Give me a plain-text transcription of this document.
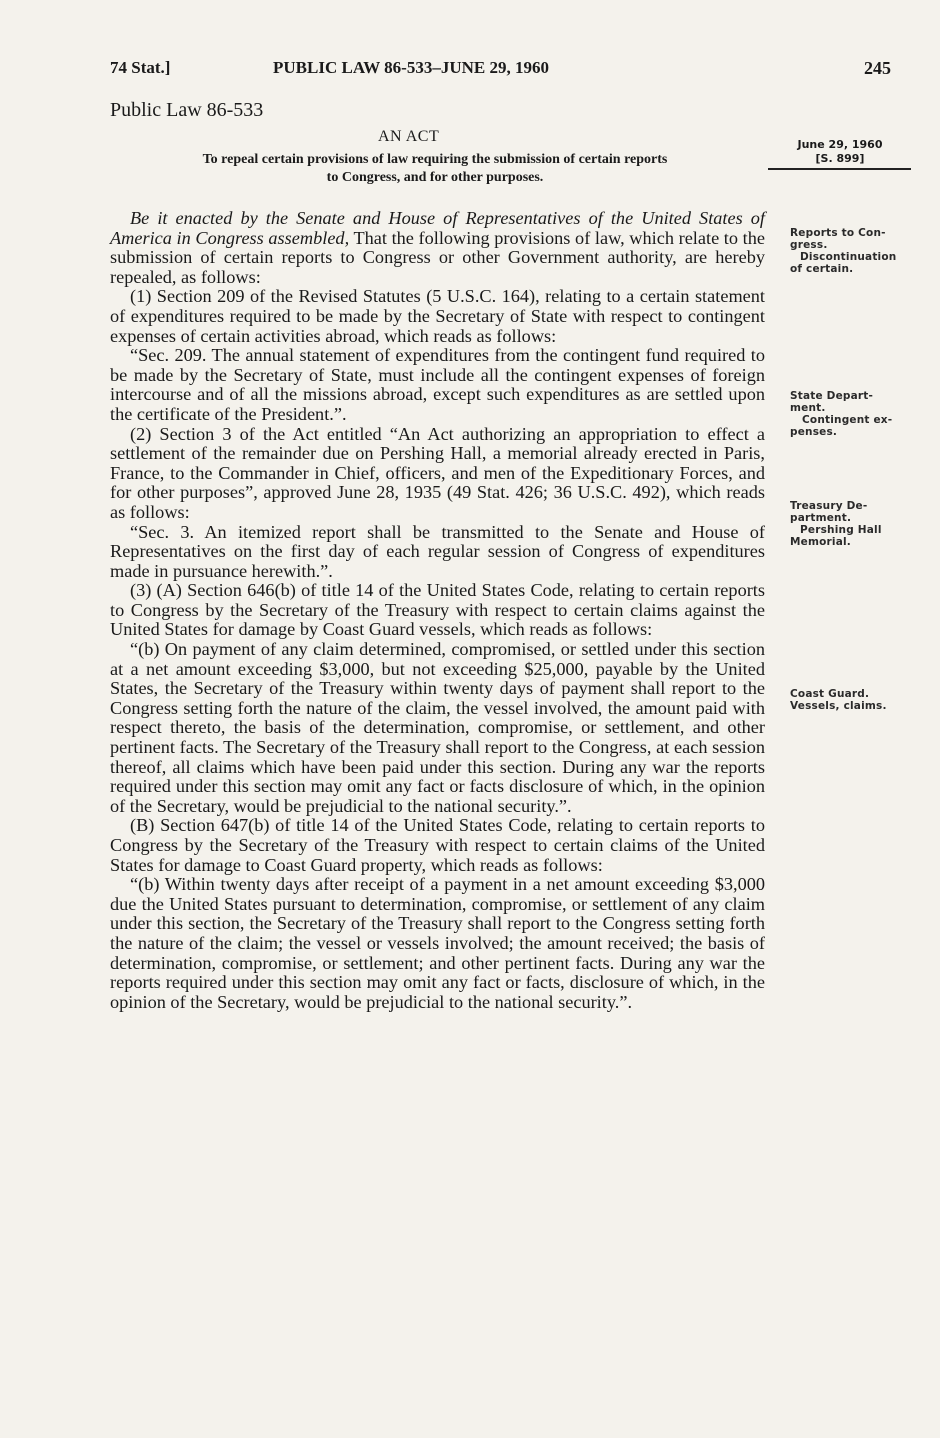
74 Stat.]	PUBLIC LAW 86-533–JUNE 29, 1960	245
Public Law 86-533
AN ACT	June 29, 1960
[S. 899]
To repeal certain provisions of law requiring the submission of certain reports
to Congress, and for other purposes.
Reports to Con-
gress.
Discontinuation
of certain.
State Depart-
ment.
Contingent ex-
penses.
Treasury De-
partment.
Pershing Hall
Memorial.
Coast Guard.
Vessels, claims.

Be it enacted by the Senate and House of Representatives of the United States of America in Congress assembled, That the following provisions of law, which relate to the submission of certain reports to Congress or other Government authority, are hereby repealed, as follows:

(1) Section 209 of the Revised Statutes (5 U.S.C. 164), relating to a certain statement of expenditures required to be made by the Secretary of State with respect to contingent expenses of certain activities abroad, which reads as follows:

“Sec. 209. The annual statement of expenditures from the contingent fund required to be made by the Secretary of State, must include all the contingent expenses of foreign intercourse and of all the missions abroad, except such expenditures as are settled upon the certificate of the President.”.

(2) Section 3 of the Act entitled “An Act authorizing an appropriation to effect a settlement of the remainder due on Pershing Hall, a memorial already erected in Paris, France, to the Commander in Chief, officers, and men of the Expeditionary Forces, and for other purposes”, approved June 28, 1935 (49 Stat. 426; 36 U.S.C. 492), which reads as follows:

“Sec. 3. An itemized report shall be transmitted to the Senate and House of Representatives on the first day of each regular session of Congress of expenditures made in pursuance herewith.”.

(3) (A) Section 646(b) of title 14 of the United States Code, relating to certain reports to Congress by the Secretary of the Treasury with respect to certain claims against the United States for damage by Coast Guard vessels, which reads as follows:

“(b) On payment of any claim determined, compromised, or settled under this section at a net amount exceeding $3,000, but not exceeding $25,000, payable by the United States, the Secretary of the Treasury within twenty days of payment shall report to the Congress setting forth the nature of the claim, the vessel involved, the amount paid with respect thereto, the basis of the determination, compromise, or settlement, and other pertinent facts. The Secretary of the Treasury shall report to the Congress, at each session thereof, all claims which have been paid under this section. During any war the reports required under this section may omit any fact or facts disclosure of which, in the opinion of the Secretary, would be prejudicial to the national security.”.

(B) Section 647(b) of title 14 of the United States Code, relating to certain reports to Congress by the Secretary of the Treasury with respect to certain claims of the United States for damage to Coast Guard property, which reads as follows:

“(b) Within twenty days after receipt of a payment in a net amount exceeding $3,000 due the United States pursuant to determination, compromise, or settlement of any claim under this section, the Secretary of the Treasury shall report to the Congress setting forth the nature of the claim; the vessel or vessels involved; the amount received; the basis of determination, compromise, or settlement; and other pertinent facts. During any war the reports required under this section may omit any fact or facts, disclosure of which, in the opinion of the Secretary, would be prejudicial to the national security.”.
